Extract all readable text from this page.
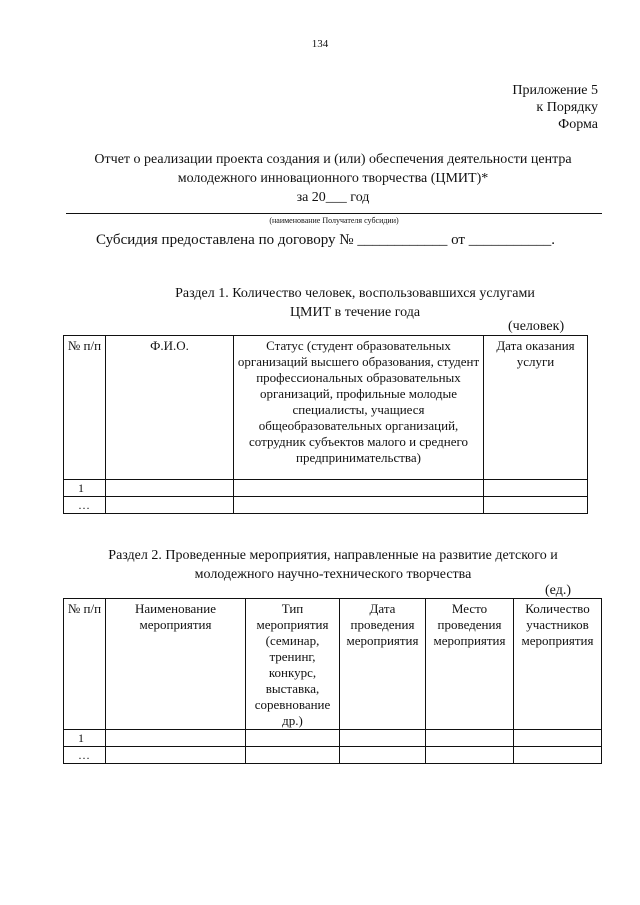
134
Приложение 5
к Порядку
Форма
Отчет о реализации проекта создания и (или) обеспечения деятельности центра
молодежного инновационного творчества (ЦМИТ)*
за 20___ год
(наименование Получателя субсидии)
Субсидия предоставлена по договору № ____________ от ___________.
Раздел 1. Количество человек, воспользовавшихся услугами
ЦМИТ в течение года
(человек)
№ п/п	Ф.И.О.	Статус (студент образовательных организаций высшего образования, студент профессиональных образовательных организаций, профильные молодые специалисты, учащиеся общеобразовательных организаций, сотрудник субъектов малого и среднего предпринимательства)	Дата оказания услуги
1			
…			
Раздел 2. Проведенные мероприятия, направленные на развитие детского и
молодежного научно-технического творчества
(ед.)
№ п/п	Наименование мероприятия	Тип мероприятия (семинар, тренинг, конкурс, выставка, соревнование др.)	Дата проведения мероприятия	Место проведения мероприятия	Количество участников мероприятия
1					
…					
